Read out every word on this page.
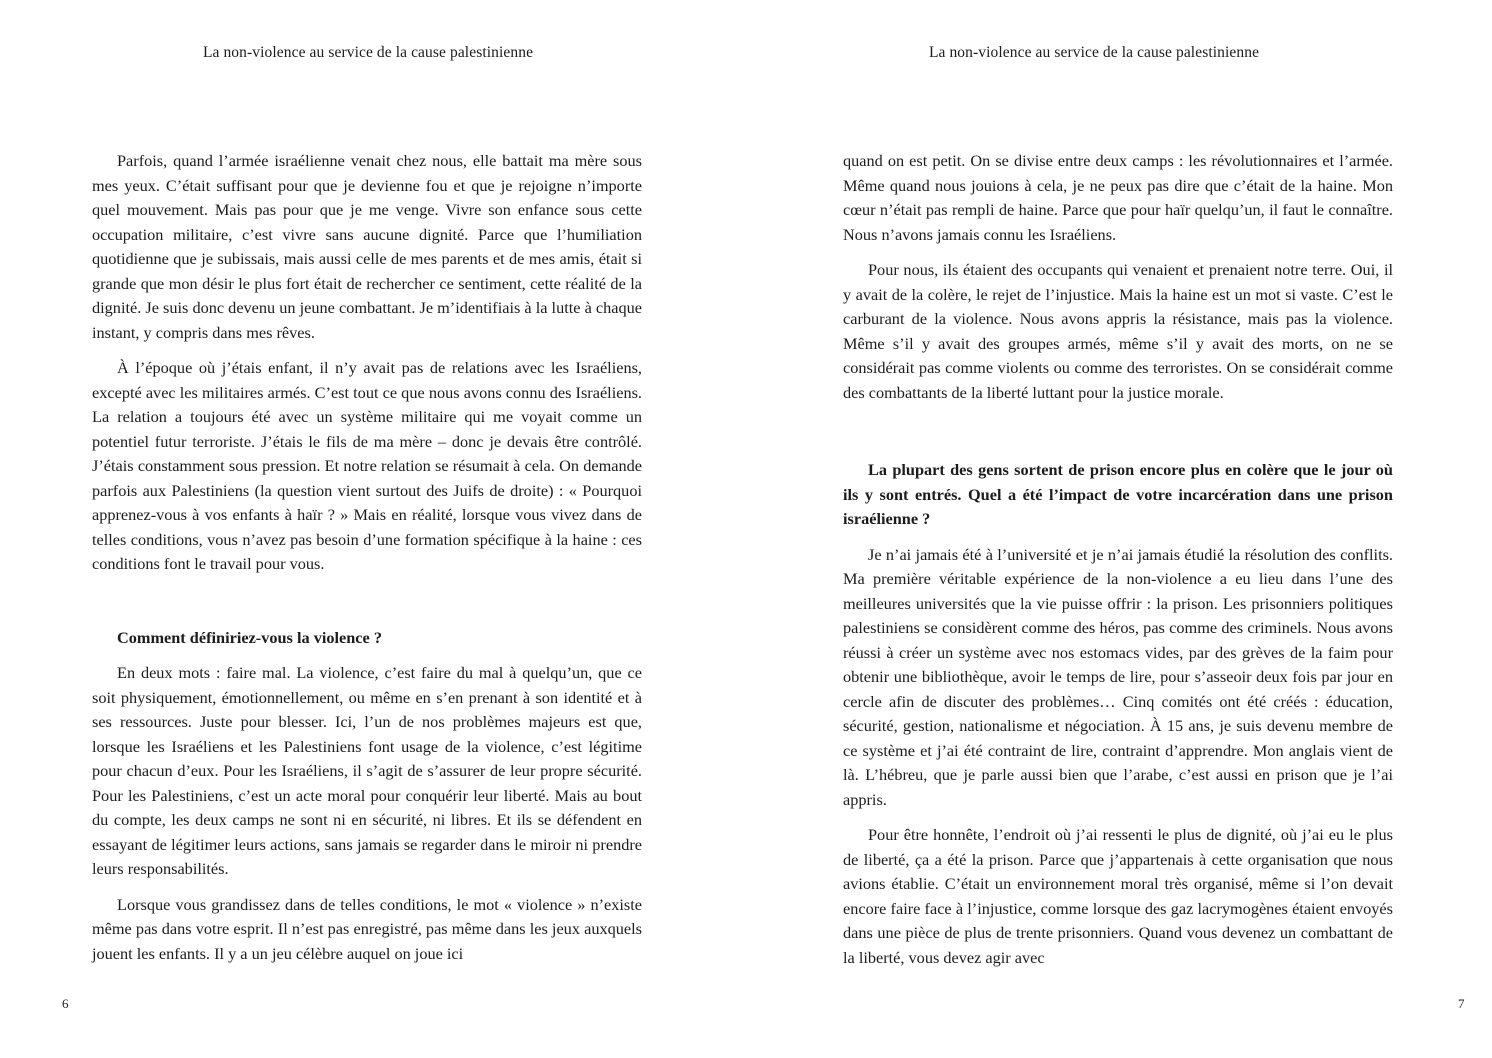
La non-violence au service de la cause palestinienne

Parfois, quand l’armée israélienne venait chez nous, elle battait ma mère sous mes yeux. C’était suffisant pour que je devienne fou et que je rejoigne n’importe quel mouvement. Mais pas pour que je me venge. Vivre son enfance sous cette occupation militaire, c’est vivre sans aucune dignité. Parce que l’humiliation quotidienne que je subissais, mais aussi celle de mes parents et de mes amis, était si grande que mon désir le plus fort était de rechercher ce sentiment, cette réalité de la dignité. Je suis donc devenu un jeune combattant. Je m’identifiais à la lutte à chaque instant, y compris dans mes rêves.

À l’époque où j’étais enfant, il n’y avait pas de relations avec les Israéliens, excepté avec les militaires armés. C’est tout ce que nous avons connu des Israéliens. La relation a toujours été avec un système militaire qui me voyait comme un potentiel futur terroriste. J’étais le fils de ma mère – donc je devais être contrôlé. J’étais constamment sous pression. Et notre relation se résumait à cela. On demande parfois aux Palestiniens (la question vient surtout des Juifs de droite) : « Pourquoi apprenez-vous à vos enfants à haïr ? » Mais en réalité, lorsque vous vivez dans de telles conditions, vous n’avez pas besoin d’une formation spécifique à la haine : ces conditions font le travail pour vous.

Comment définiriez-vous la violence ?

En deux mots : faire mal. La violence, c’est faire du mal à quelqu’un, que ce soit physiquement, émotionnellement, ou même en s’en prenant à son identité et à ses ressources. Juste pour blesser. Ici, l’un de nos problèmes majeurs est que, lorsque les Israéliens et les Palestiniens font usage de la violence, c’est légitime pour chacun d’eux. Pour les Israéliens, il s’agit de s’assurer de leur propre sécurité. Pour les Palestiniens, c’est un acte moral pour conquérir leur liberté. Mais au bout du compte, les deux camps ne sont ni en sécurité, ni libres. Et ils se défendent en essayant de légitimer leurs actions, sans jamais se regarder dans le miroir ni prendre leurs responsabilités.

Lorsque vous grandissez dans de telles conditions, le mot « violence » n’existe même pas dans votre esprit. Il n’est pas enregistré, pas même dans les jeux auxquels jouent les enfants. Il y a un jeu célèbre auquel on joue ici

6
La non-violence au service de la cause palestinienne

quand on est petit. On se divise entre deux camps : les révolutionnaires et l’armée. Même quand nous jouions à cela, je ne peux pas dire que c’était de la haine. Mon cœur n’était pas rempli de haine. Parce que pour haïr quelqu’un, il faut le connaître. Nous n’avons jamais connu les Israéliens.

Pour nous, ils étaient des occupants qui venaient et prenaient notre terre. Oui, il y avait de la colère, le rejet de l’injustice. Mais la haine est un mot si vaste. C’est le carburant de la violence. Nous avons appris la résistance, mais pas la violence. Même s’il y avait des groupes armés, même s’il y avait des morts, on ne se considérait pas comme violents ou comme des terroristes. On se considérait comme des combattants de la liberté luttant pour la justice morale.

La plupart des gens sortent de prison encore plus en colère que le jour où ils y sont entrés. Quel a été l’impact de votre incarcération dans une prison israélienne ?

Je n’ai jamais été à l’université et je n’ai jamais étudié la résolution des conflits. Ma première véritable expérience de la non-violence a eu lieu dans l’une des meilleures universités que la vie puisse offrir : la prison. Les prisonniers politiques palestiniens se considèrent comme des héros, pas comme des criminels. Nous avons réussi à créer un système avec nos estomacs vides, par des grèves de la faim pour obtenir une bibliothèque, avoir le temps de lire, pour s’asseoir deux fois par jour en cercle afin de discuter des problèmes… Cinq comités ont été créés : éducation, sécurité, gestion, nationalisme et négociation. À 15 ans, je suis devenu membre de ce système et j’ai été contraint de lire, contraint d’apprendre. Mon anglais vient de là. L’hébreu, que je parle aussi bien que l’arabe, c’est aussi en prison que je l’ai appris.

Pour être honnête, l’endroit où j’ai ressenti le plus de dignité, où j’ai eu le plus de liberté, ça a été la prison. Parce que j’appartenais à cette organisation que nous avions établie. C’était un environnement moral très organisé, même si l’on devait encore faire face à l’injustice, comme lorsque des gaz lacrymogènes étaient envoyés dans une pièce de plus de trente prisonniers. Quand vous devenez un combattant de la liberté, vous devez agir avec

7
